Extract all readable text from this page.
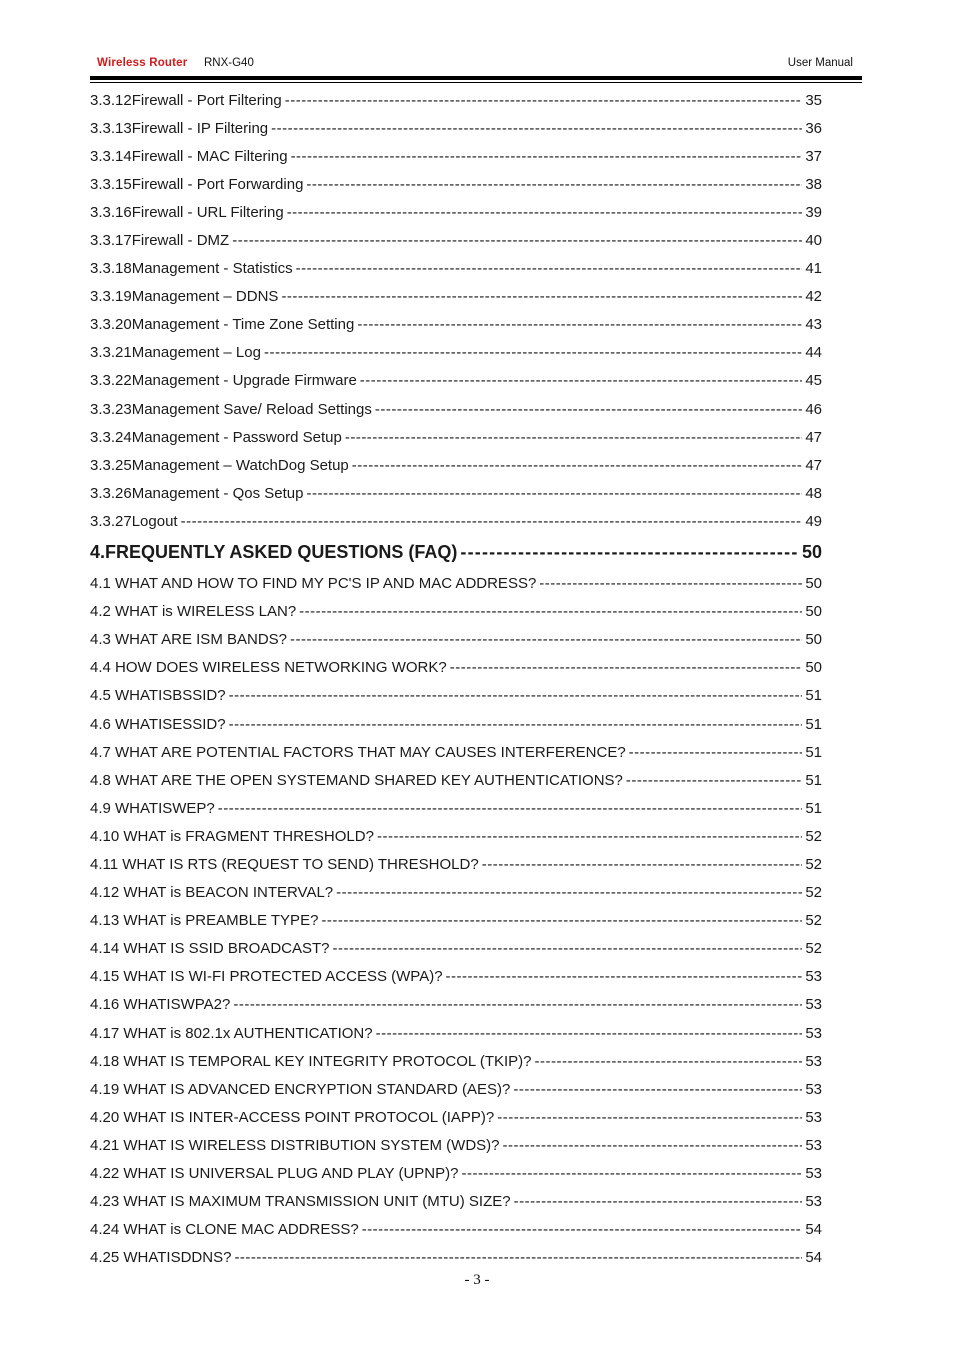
Wireless Router RNX-G40	User Manual
3.3.12Firewall - Port Filtering -----	35
3.3.13Firewall - IP Filtering -----	36
3.3.14Firewall - MAC Filtering -----	37
3.3.15Firewall - Port Forwarding -----	38
3.3.16Firewall - URL Filtering -----	39
3.3.17Firewall - DMZ -----	40
3.3.18Management - Statistics -----	41
3.3.19Management – DDNS -----	42
3.3.20Management - Time Zone Setting -----	43
3.3.21Management – Log -----	44
3.3.22Management - Upgrade Firmware -----	45
3.3.23Management Save/ Reload Settings -----	46
3.3.24Management - Password Setup -----	47
3.3.25Management – WatchDog Setup -----	47
3.3.26Management - Qos Setup -----	48
3.3.27Logout -----	49
4.FREQUENTLY ASKED QUESTIONS (FAQ) -----	50
4.1 WHAT AND HOW TO FIND MY PC'S IP AND MAC ADDRESS? -----	50
4.2 WHAT is WIRELESS LAN? -----	50
4.3 WHAT ARE ISM BANDS? -----	50
4.4 HOW DOES WIRELESS NETWORKING WORK? -----	50
4.5 WHATISBSSID? -----	51
4.6 WHATISESSID? -----	51
4.7 WHAT ARE POTENTIAL FACTORS THAT MAY CAUSES INTERFERENCE? -----	51
4.8 WHAT ARE THE OPEN SYSTEMAND SHARED KEY AUTHENTICATIONS? -----	51
4.9 WHATISWEP? -----	51
4.10 WHAT is FRAGMENT THRESHOLD? -----	52
4.11 WHAT IS RTS (REQUEST TO SEND) THRESHOLD? -----	52
4.12 WHAT is BEACON INTERVAL? -----	52
4.13 WHAT is PREAMBLE TYPE? -----	52
4.14 WHAT IS SSID BROADCAST? -----	52
4.15 WHAT IS WI-FI PROTECTED ACCESS (WPA)? -----	53
4.16 WHATISWPA2? -----	53
4.17 WHAT is 802.1x AUTHENTICATION? -----	53
4.18 WHAT IS TEMPORAL KEY INTEGRITY PROTOCOL (TKIP)? -----	53
4.19 WHAT IS ADVANCED ENCRYPTION STANDARD (AES)? -----	53
4.20 WHAT IS INTER-ACCESS POINT PROTOCOL (IAPP)? -----	53
4.21 WHAT IS WIRELESS DISTRIBUTION SYSTEM (WDS)? -----	53
4.22 WHAT IS UNIVERSAL PLUG AND PLAY (UPNP)? -----	53
4.23 WHAT IS MAXIMUM TRANSMISSION UNIT (MTU) SIZE? -----	53
4.24 WHAT is CLONE MAC ADDRESS? -----	54
4.25 WHATISDDNS? -----	54
- 3 -
